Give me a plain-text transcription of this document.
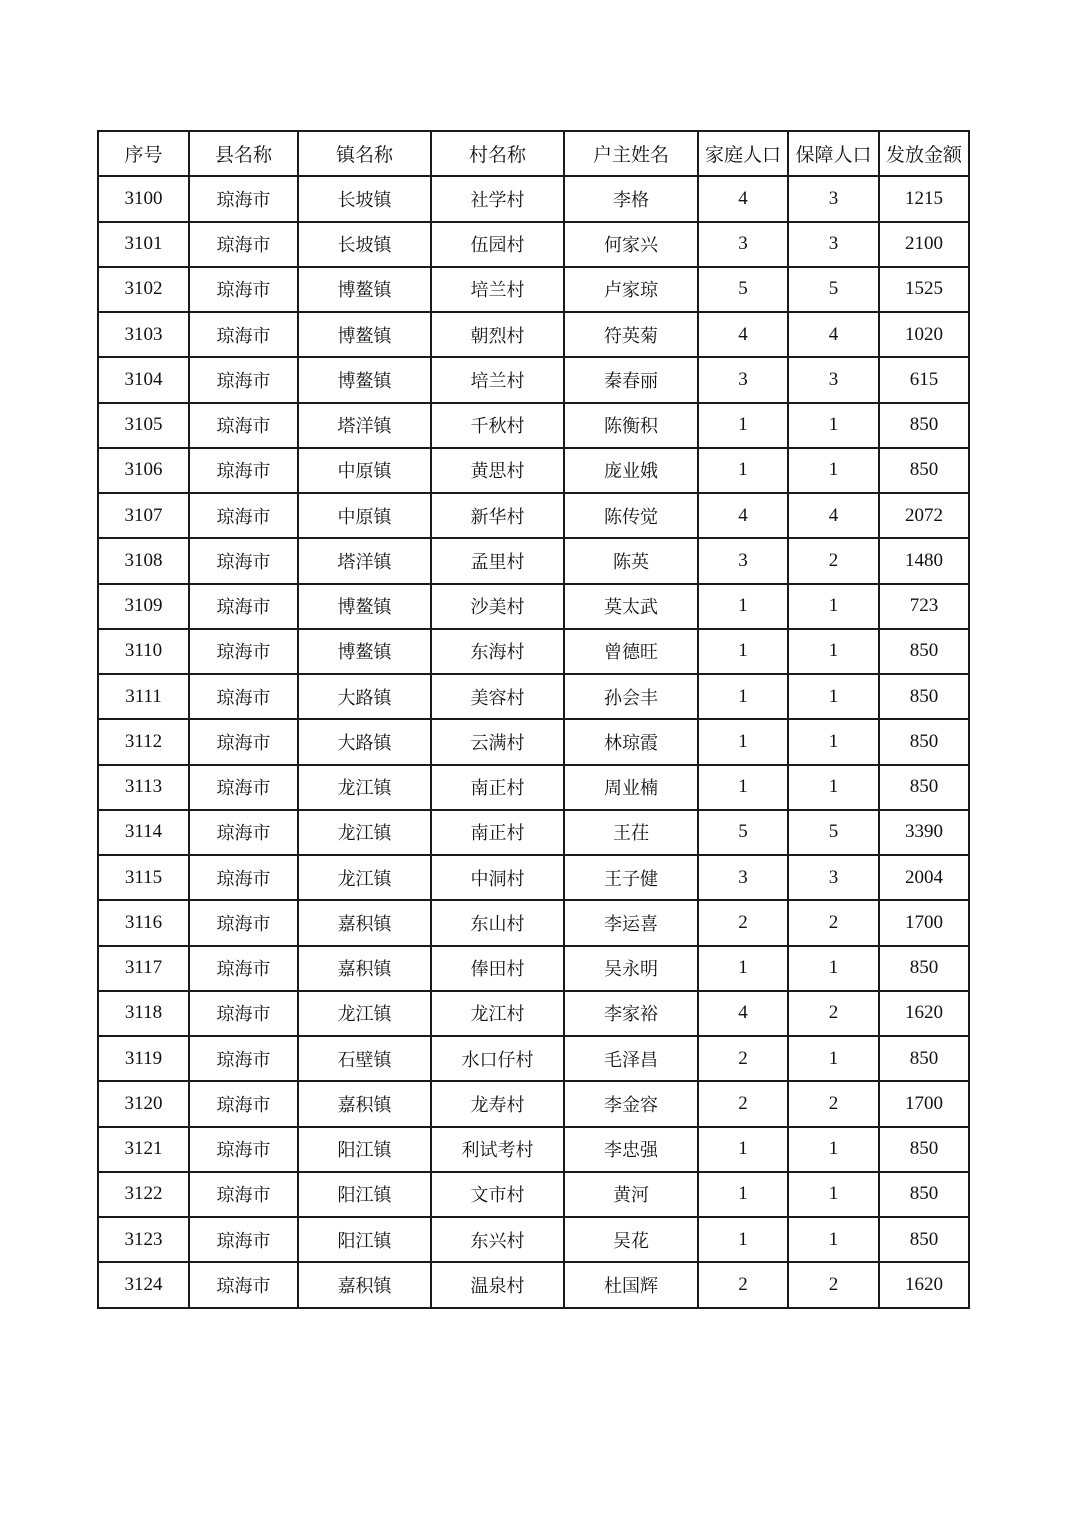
序号	县名称	镇名称	村名称	户主姓名	家庭人口	保障人口	发放金额
3100	琼海市	长坡镇	社学村	李格	4	3	1215
3101	琼海市	长坡镇	伍园村	何家兴	3	3	2100
3102	琼海市	博鳌镇	培兰村	卢家琼	5	5	1525
3103	琼海市	博鳌镇	朝烈村	符英菊	4	4	1020
3104	琼海市	博鳌镇	培兰村	秦春丽	3	3	615
3105	琼海市	塔洋镇	千秋村	陈衡积	1	1	850
3106	琼海市	中原镇	黄思村	庞业娥	1	1	850
3107	琼海市	中原镇	新华村	陈传觉	4	4	2072
3108	琼海市	塔洋镇	孟里村	陈英	3	2	1480
3109	琼海市	博鳌镇	沙美村	莫太武	1	1	723
3110	琼海市	博鳌镇	东海村	曾德旺	1	1	850
3111	琼海市	大路镇	美容村	孙会丰	1	1	850
3112	琼海市	大路镇	云满村	林琼霞	1	1	850
3113	琼海市	龙江镇	南正村	周业楠	1	1	850
3114	琼海市	龙江镇	南正村	王茌	5	5	3390
3115	琼海市	龙江镇	中洞村	王子健	3	3	2004
3116	琼海市	嘉积镇	东山村	李运喜	2	2	1700
3117	琼海市	嘉积镇	俸田村	吴永明	1	1	850
3118	琼海市	龙江镇	龙江村	李家裕	4	2	1620
3119	琼海市	石壁镇	水口仔村	毛泽昌	2	1	850
3120	琼海市	嘉积镇	龙寿村	李金容	2	2	1700
3121	琼海市	阳江镇	利试考村	李忠强	1	1	850
3122	琼海市	阳江镇	文市村	黄河	1	1	850
3123	琼海市	阳江镇	东兴村	吴花	1	1	850
3124	琼海市	嘉积镇	温泉村	杜国辉	2	2	1620
